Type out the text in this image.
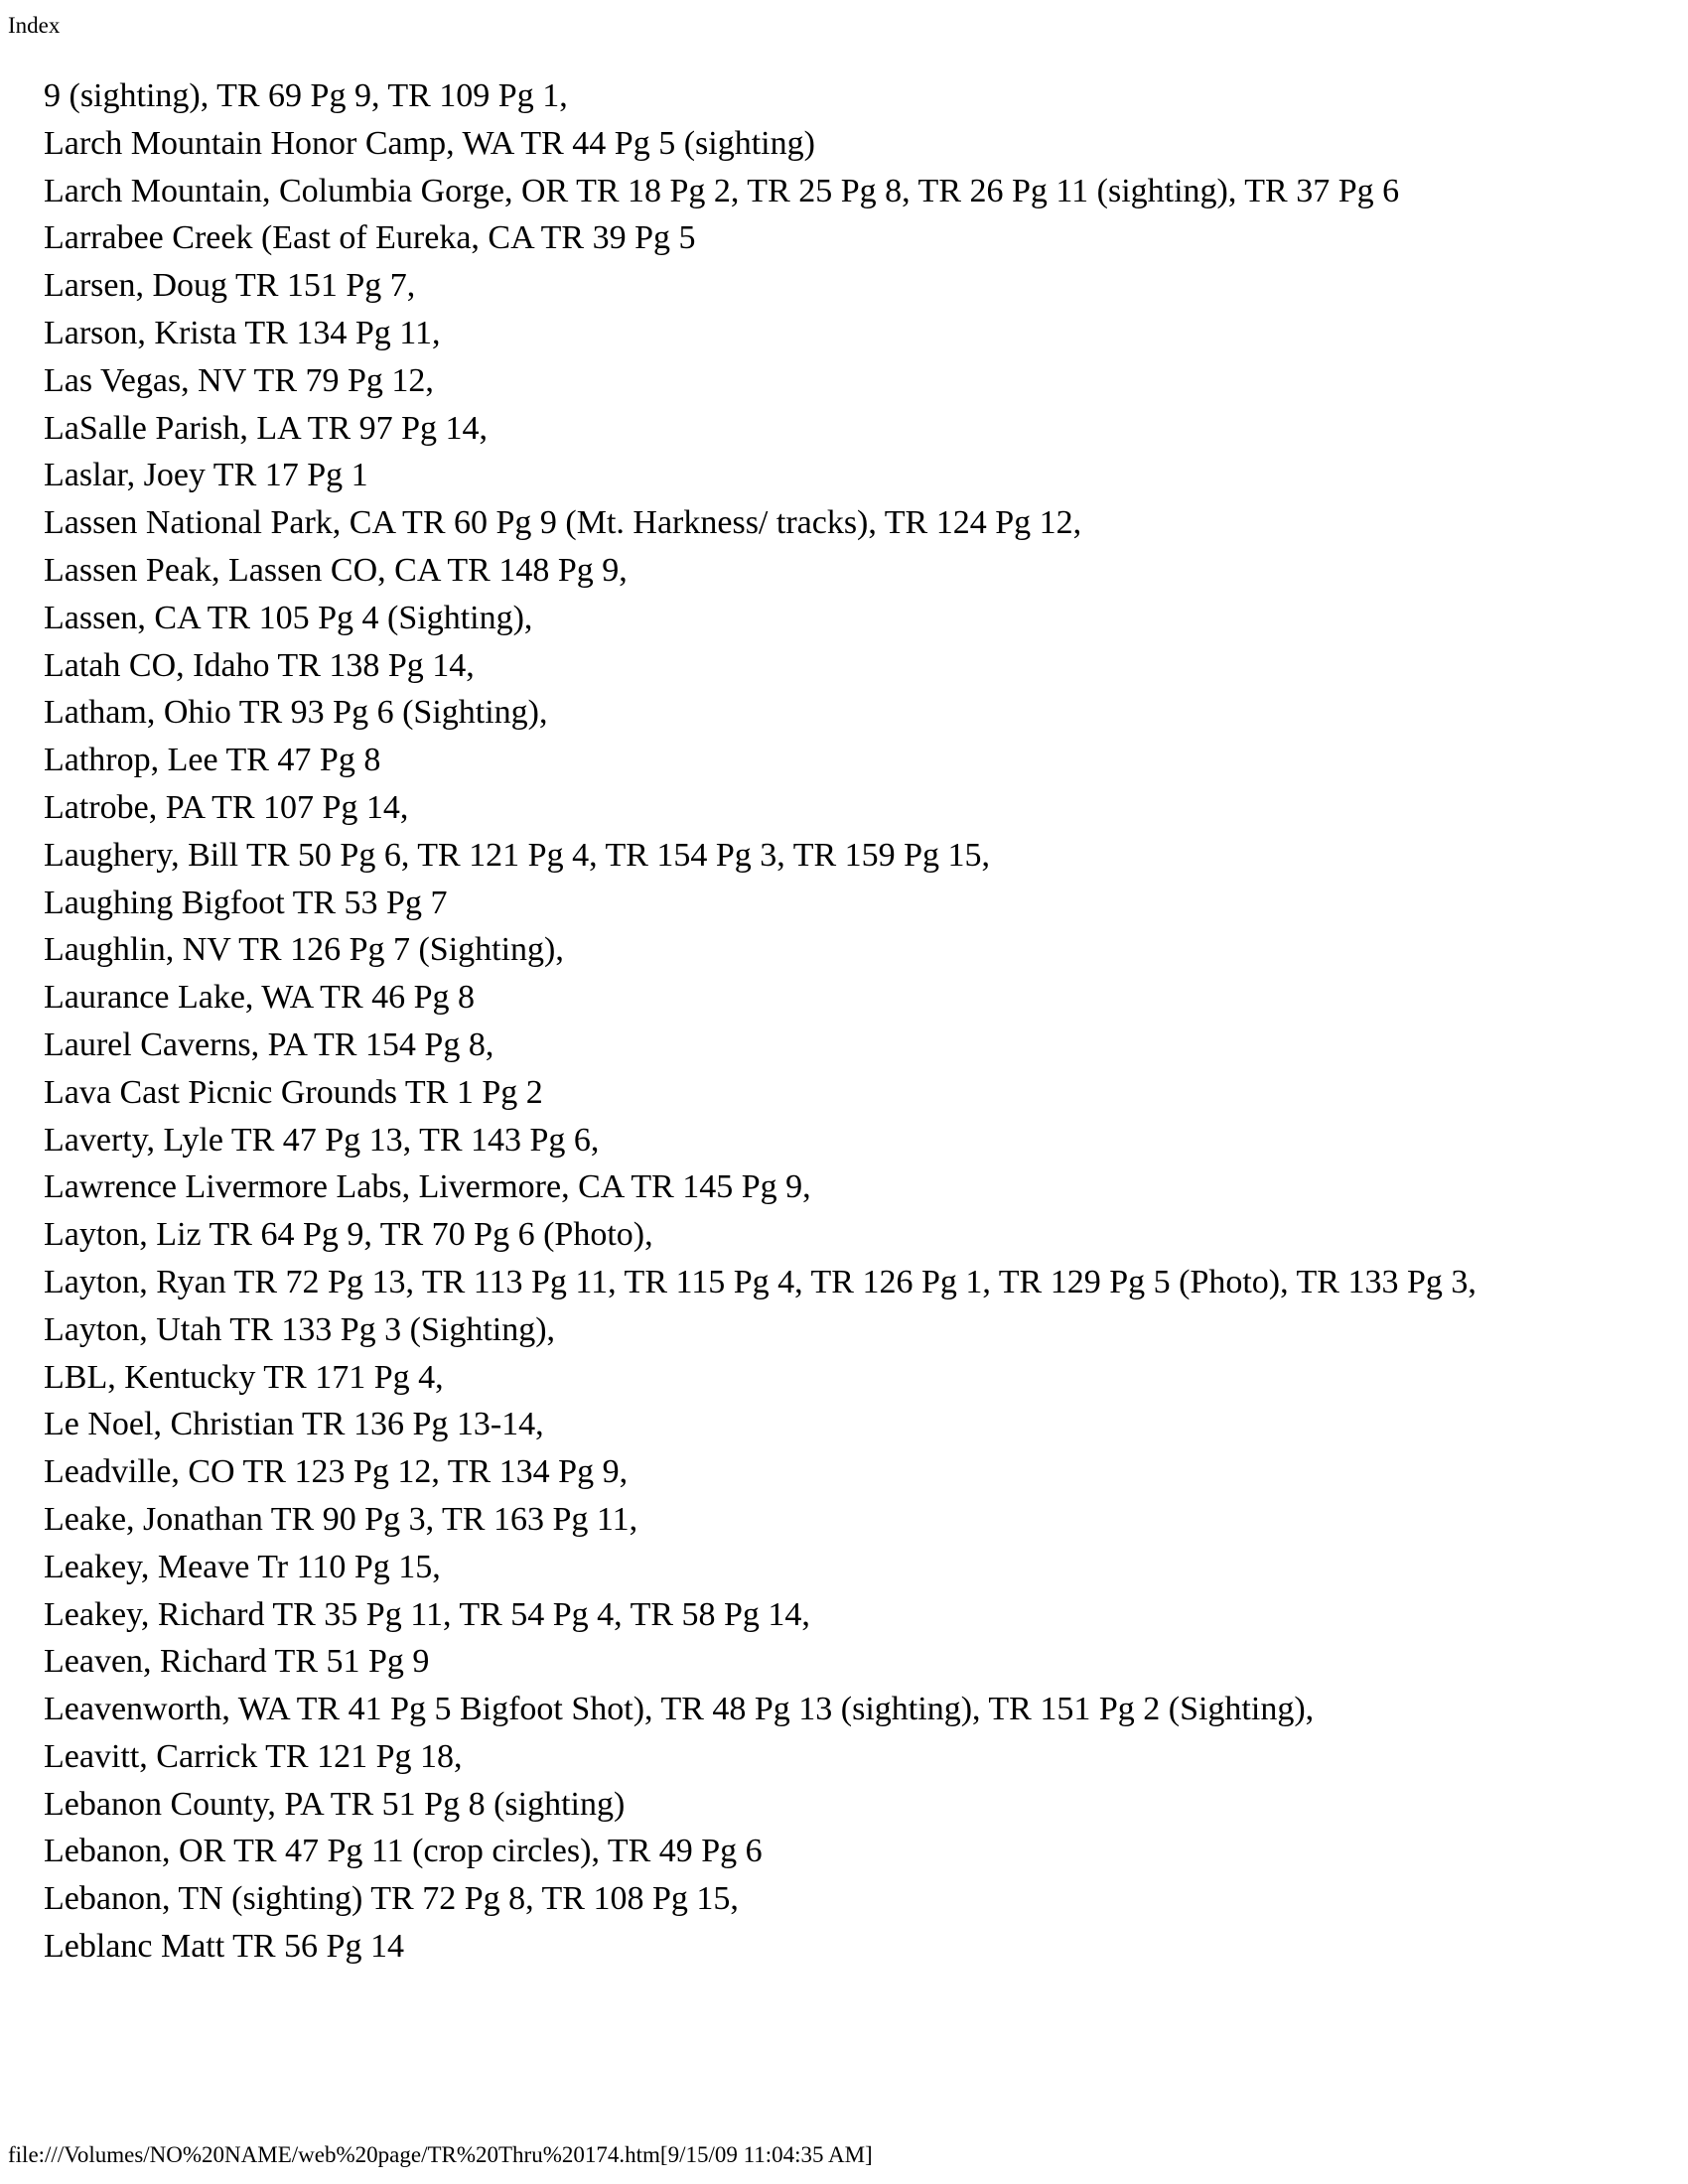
Index
9 (sighting), TR 69 Pg 9, TR 109 Pg 1,
Larch Mountain Honor Camp, WA TR 44 Pg 5 (sighting)
Larch Mountain, Columbia Gorge, OR TR 18 Pg 2, TR 25 Pg 8, TR 26 Pg 11 (sighting), TR 37 Pg 6
Larrabee Creek (East of Eureka, CA TR 39 Pg 5
Larsen, Doug TR 151 Pg 7,
Larson, Krista TR 134 Pg 11,
Las Vegas, NV TR 79 Pg 12,
LaSalle Parish, LA TR 97 Pg 14,
Laslar, Joey TR 17 Pg 1
Lassen National Park, CA TR 60 Pg 9 (Mt. Harkness/ tracks), TR 124 Pg 12,
Lassen Peak, Lassen CO, CA TR 148 Pg 9,
Lassen, CA TR 105 Pg 4 (Sighting),
Latah CO, Idaho TR 138 Pg 14,
Latham, Ohio TR 93 Pg 6 (Sighting),
Lathrop, Lee TR 47 Pg 8
Latrobe, PA TR 107 Pg 14,
Laughery, Bill TR 50 Pg 6, TR 121 Pg 4, TR 154 Pg 3, TR 159 Pg 15,
Laughing Bigfoot TR 53 Pg 7
Laughlin, NV TR 126 Pg 7 (Sighting),
Laurance Lake, WA TR 46 Pg 8
Laurel Caverns, PA TR 154 Pg 8,
Lava Cast Picnic Grounds TR 1 Pg 2
Laverty, Lyle TR 47 Pg 13, TR 143 Pg 6,
Lawrence Livermore Labs, Livermore, CA TR 145 Pg 9,
Layton, Liz TR 64 Pg 9, TR 70 Pg 6 (Photo),
Layton, Ryan TR 72 Pg 13, TR 113 Pg 11, TR 115 Pg 4, TR 126 Pg 1, TR 129 Pg 5 (Photo), TR 133 Pg 3,
Layton, Utah TR 133 Pg 3 (Sighting),
LBL, Kentucky TR 171 Pg 4,
Le Noel, Christian TR 136 Pg 13-14,
Leadville, CO TR 123 Pg 12, TR 134 Pg 9,
Leake, Jonathan TR 90 Pg 3, TR 163 Pg 11,
Leakey, Meave Tr 110 Pg 15,
Leakey, Richard TR 35 Pg 11, TR 54 Pg 4, TR 58 Pg 14,
Leaven, Richard TR 51 Pg 9
Leavenworth, WA TR 41 Pg 5 Bigfoot Shot), TR 48 Pg 13 (sighting), TR 151 Pg 2 (Sighting),
Leavitt, Carrick TR 121 Pg 18,
Lebanon County, PA TR 51 Pg 8 (sighting)
Lebanon, OR TR 47 Pg 11 (crop circles), TR 49 Pg 6
Lebanon, TN (sighting) TR 72 Pg 8, TR 108 Pg 15,
Leblanc Matt TR 56 Pg 14
file:///Volumes/NO%20NAME/web%20page/TR%20Thru%20174.htm[9/15/09 11:04:35 AM]
